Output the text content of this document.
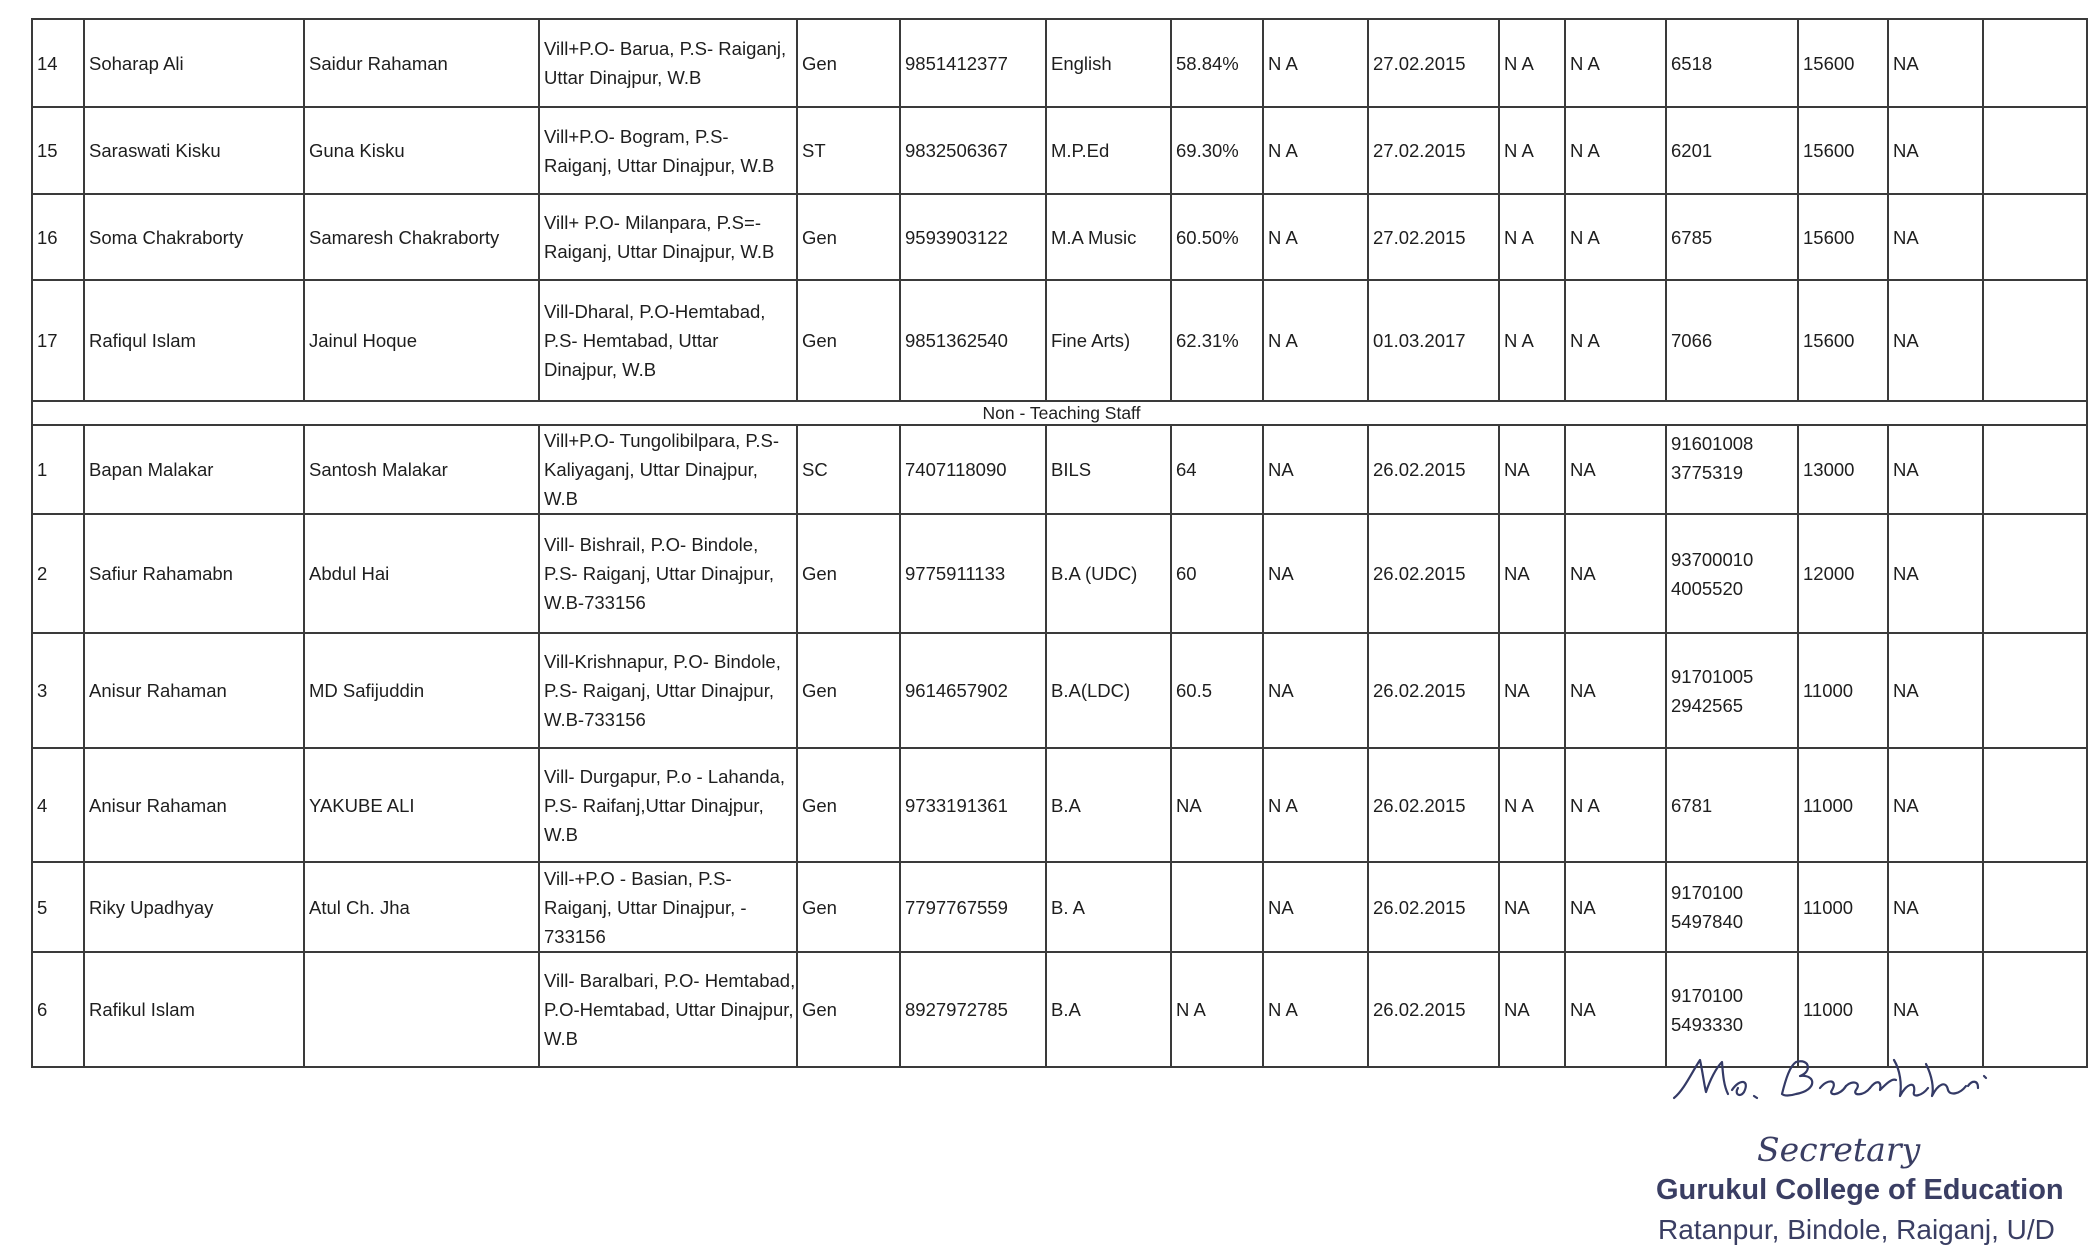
14	Soharap Ali	Saidur Rahaman	Vill+P.O- Barua, P.S- Raiganj, Uttar Dinajpur, W.B	Gen	9851412377	English	58.84%	N A	27.02.2015	N A	N A	6518	15600	NA	
15	Saraswati Kisku	Guna Kisku	Vill+P.O- Bogram, P.S- Raiganj, Uttar Dinajpur, W.B	ST	9832506367	M.P.Ed	69.30%	N A	27.02.2015	N A	N A	6201	15600	NA	
16	Soma Chakraborty	Samaresh Chakraborty	Vill+ P.O- Milanpara, P.S=- Raiganj, Uttar Dinajpur, W.B	Gen	9593903122	M.A Music	60.50%	N A	27.02.2015	N A	N A	6785	15600	NA	
17	Rafiqul Islam	Jainul Hoque	Vill-Dharal, P.O-Hemtabad, P.S- Hemtabad, Uttar Dinajpur, W.B	Gen	9851362540	Fine Arts)	62.31%	N A	01.03.2017	N A	N A	7066	15600	NA	
Non - Teaching Staff															
1	Bapan Malakar	Santosh Malakar	Vill+P.O- Tungolibilpara, P.S-Kaliyaganj, Uttar Dinajpur, W.B	SC	7407118090	BILS	64	NA	26.02.2015	NA	NA	91601008 3775319	13000	NA	
2	Safiur Rahamabn	Abdul Hai	Vill- Bishrail, P.O- Bindole, P.S- Raiganj, Uttar Dinajpur, W.B-733156	Gen	9775911133	B.A (UDC)	60	NA	26.02.2015	NA	NA	93700010 4005520	12000	NA	
3	Anisur Rahaman	MD Safijuddin	Vill-Krishnapur, P.O- Bindole, P.S- Raiganj, Uttar Dinajpur, W.B-733156	Gen	9614657902	B.A(LDC)	60.5	NA	26.02.2015	NA	NA	91701005 2942565	11000	NA	
4	Anisur Rahaman	YAKUBE ALI	Vill- Durgapur, P.o - Lahanda, P.S- Raifanj,Uttar Dinajpur, W.B	Gen	9733191361	B.A	NA	N A	26.02.2015	N A	N A	6781	11000	NA	
5	Riky Upadhyay	Atul Ch. Jha	Vill-+P.O - Basian, P.S- Raiganj, Uttar Dinajpur, - 733156	Gen	7797767559	B. A		NA	26.02.2015	NA	NA	9170100 5497840	11000	NA	
6	Rafikul Islam		Vill- Baralbari, P.O- Hemtabad, P.O-Hemtabad, Uttar Dinajpur, W.B	Gen	8927972785	B.A	N A	N A	26.02.2015	NA	NA	9170100 5493330	11000	NA	
Secretary
Gurukul College of Education
Ratanpur, Bindole, Raiganj, U/D
